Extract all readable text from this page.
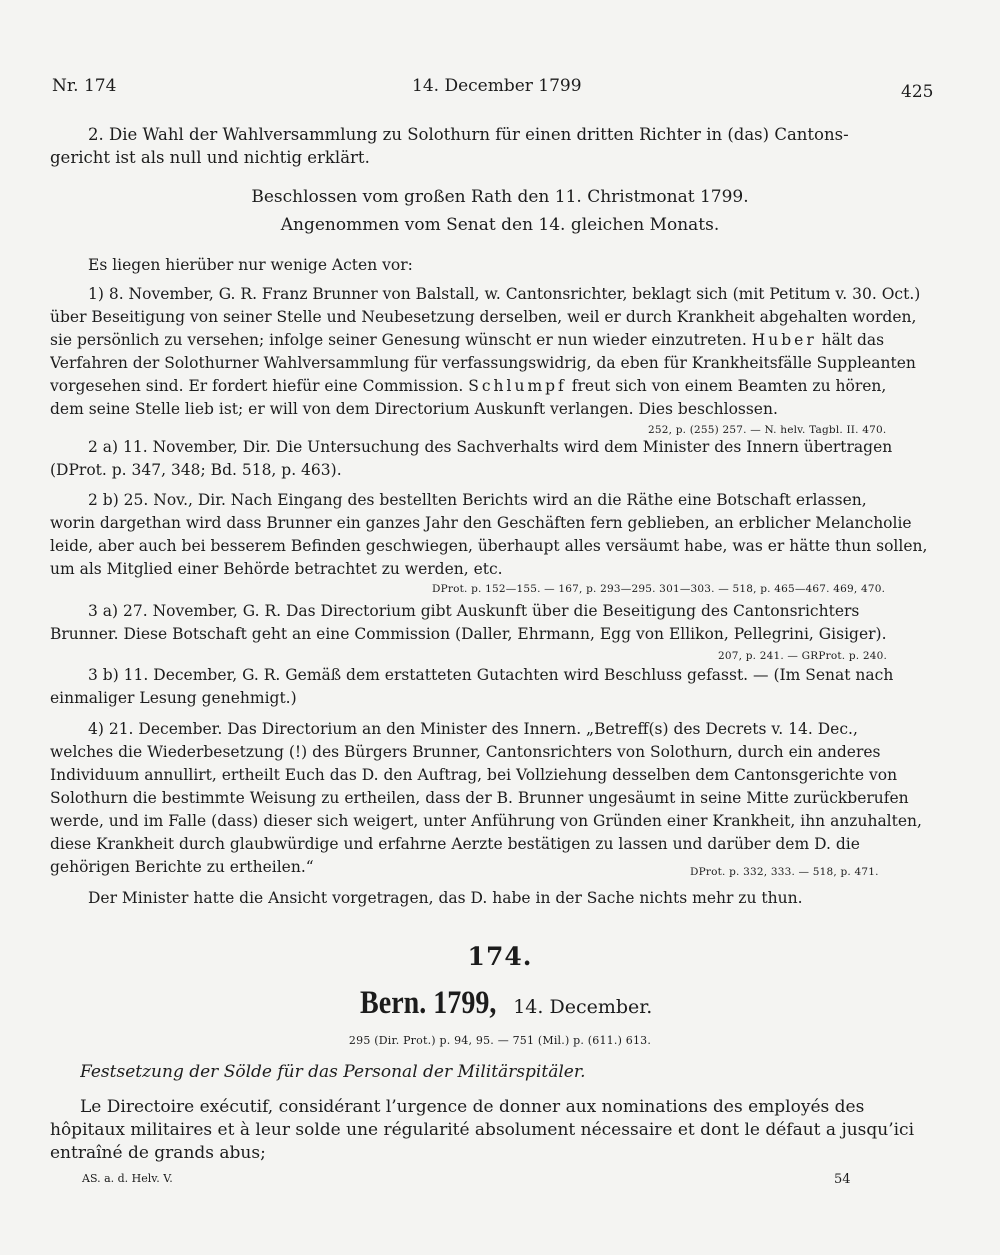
Nr. 174	14. December 1799	425
2. Die Wahl der Wahlversammlung zu Solothurn für einen dritten Richter in (das) Cantons-
gericht ist als null und nichtig erklärt.
Beschlossen vom großen Rath den 11. Christmonat 1799.
Angenommen vom Senat den 14. gleichen Monats.
Es liegen hierüber nur wenige Acten vor:
1) 8. November, G. R. Franz Brunner von Balstall, w. Cantonsrichter, beklagt sich (mit Petitum v. 30. Oct.)
über Beseitigung von seiner Stelle und Neubesetzung derselben, weil er durch Krankheit abgehalten worden,
sie persönlich zu versehen; infolge seiner Genesung wünscht er nun wieder einzutreten. Huber hält das
Verfahren der Solothurner Wahlversammlung für verfassungswidrig, da eben für Krankheitsfälle Suppleanten
vorgesehen sind. Er fordert hiefür eine Commission. Schlumpf freut sich von einem Beamten zu hören,
dem seine Stelle lieb ist; er will von dem Directorium Auskunft verlangen. Dies beschlossen.
252, p. (255) 257. — N. helv. Tagbl. II. 470.
2 a) 11. November, Dir. Die Untersuchung des Sachverhalts wird dem Minister des Innern übertragen
(DProt. p. 347, 348; Bd. 518, p. 463).
2 b) 25. Nov., Dir. Nach Eingang des bestellten Berichts wird an die Räthe eine Botschaft erlassen,
worin dargethan wird dass Brunner ein ganzes Jahr den Geschäften fern geblieben, an erblicher Melancholie
leide, aber auch bei besserem Befinden geschwiegen, überhaupt alles versäumt habe, was er hätte thun sollen,
um als Mitglied einer Behörde betrachtet zu werden, etc.
DProt. p. 152—155. — 167, p. 293—295. 301—303. — 518, p. 465—467. 469, 470.
3 a) 27. November, G. R. Das Directorium gibt Auskunft über die Beseitigung des Cantonsrichters
Brunner. Diese Botschaft geht an eine Commission (Daller, Ehrmann, Egg von Ellikon, Pellegrini, Gisiger).
207, p. 241. — GRProt. p. 240.
3 b) 11. December, G. R. Gemäß dem erstatteten Gutachten wird Beschluss gefasst. — (Im Senat nach
einmaliger Lesung genehmigt.)
4) 21. December. Das Directorium an den Minister des Innern. „Betreff(s) des Decrets v. 14. Dec.,
welches die Wiederbesetzung (!) des Bürgers Brunner, Cantonsrichters von Solothurn, durch ein anderes
Individuum annullirt, ertheilt Euch das D. den Auftrag, bei Vollziehung desselben dem Cantonsgerichte von
Solothurn die bestimmte Weisung zu ertheilen, dass der B. Brunner ungesäumt in seine Mitte zurückberufen
werde, und im Falle (dass) dieser sich weigert, unter Anführung von Gründen einer Krankheit, ihn anzuhalten,
diese Krankheit durch glaubwürdige und erfahrne Aerzte bestätigen zu lassen und darüber dem D. die
gehörigen Berichte zu ertheilen.“	DProt. p. 332, 333. — 518, p. 471.
Der Minister hatte die Ansicht vorgetragen, das D. habe in der Sache nichts mehr zu thun.
174.
Bern. 1799, 14. December.
295 (Dir. Prot.) p. 94, 95. — 751 (Mil.) p. (611.) 613.
Festsetzung der Sölde für das Personal der Militärspitäler.
Le Directoire exécutif, considérant l’urgence de donner aux nominations des employés des
hôpitaux militaires et à leur solde une régularité absolument nécessaire et dont le défaut a jusqu’ici
entraîné de grands abus;
AS. a. d. Helv. V.	54
